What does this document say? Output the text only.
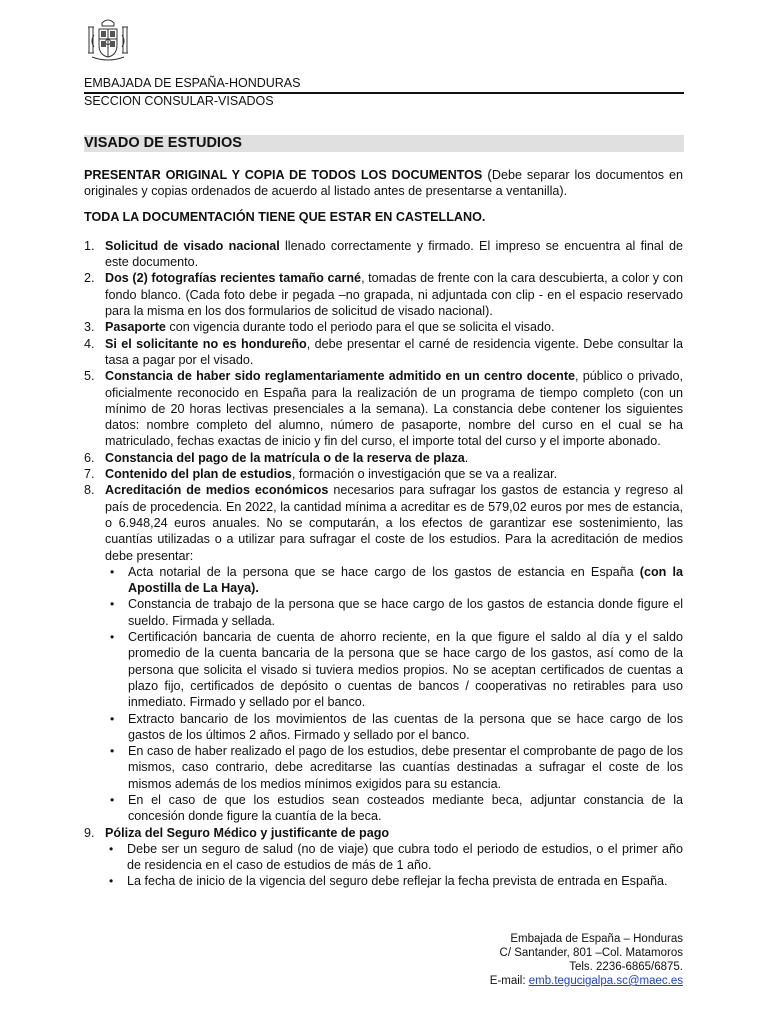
EMBAJADA DE ESPAÑA-HONDURAS
SECCION CONSULAR-VISADOS
VISADO DE ESTUDIOS

PRESENTAR ORIGINAL Y COPIA DE TODOS LOS DOCUMENTOS (Debe separar los documentos en originales y copias ordenados de acuerdo al listado antes de presentarse a ventanilla).

TODA LA DOCUMENTACIÓN TIENE QUE ESTAR EN CASTELLANO.

1. Solicitud de visado nacional llenado correctamente y firmado. El impreso se encuentra al final de este documento.
2. Dos (2) fotografías recientes tamaño carné, tomadas de frente con la cara descubierta, a color y con fondo blanco. (Cada foto debe ir pegada –no grapada, ni adjuntada con clip - en el espacio reservado para la misma en los dos formularios de solicitud de visado nacional).
3. Pasaporte con vigencia durante todo el periodo para el que se solicita el visado.
4. Si el solicitante no es hondureño, debe presentar el carné de residencia vigente. Debe consultar la tasa a pagar por el visado.
5. Constancia de haber sido reglamentariamente admitido en un centro docente, público o privado, oficialmente reconocido en España para la realización de un programa de tiempo completo (con un mínimo de 20 horas lectivas presenciales a la semana). La constancia debe contener los siguientes datos: nombre completo del alumno, número de pasaporte, nombre del curso en el cual se ha matriculado, fechas exactas de inicio y fin del curso, el importe total del curso y el importe abonado.
6. Constancia del pago de la matrícula o de la reserva de plaza.
7. Contenido del plan de estudios, formación o investigación que se va a realizar.
8. Acreditación de medios económicos necesarios para sufragar los gastos de estancia y regreso al país de procedencia. En 2022, la cantidad mínima a acreditar es de 579,02 euros por mes de estancia, o 6.948,24 euros anuales. No se computarán, a los efectos de garantizar ese sostenimiento, las cuantías utilizadas o a utilizar para sufragar el coste de los estudios. Para la acreditación de medios debe presentar:
• Acta notarial de la persona que se hace cargo de los gastos de estancia en España (con la Apostilla de La Haya).
• Constancia de trabajo de la persona que se hace cargo de los gastos de estancia donde figure el sueldo. Firmada y sellada.
• Certificación bancaria de cuenta de ahorro reciente, en la que figure el saldo al día y el saldo promedio de la cuenta bancaria de la persona que se hace cargo de los gastos, así como de la persona que solicita el visado si tuviera medios propios. No se aceptan certificados de cuentas a plazo fijo, certificados de depósito o cuentas de bancos / cooperativas no retirables para uso inmediato. Firmado y sellado por el banco.
• Extracto bancario de los movimientos de las cuentas de la persona que se hace cargo de los gastos de los últimos 2 años. Firmado y sellado por el banco.
• En caso de haber realizado el pago de los estudios, debe presentar el comprobante de pago de los mismos, caso contrario, debe acreditarse las cuantías destinadas a sufragar el coste de los mismos además de los medios mínimos exigidos para su estancia.
• En el caso de que los estudios sean costeados mediante beca, adjuntar constancia de la concesión donde figure la cuantía de la beca.
9. Póliza del Seguro Médico y justificante de pago
• Debe ser un seguro de salud (no de viaje) que cubra todo el periodo de estudios, o el primer año de residencia en el caso de estudios de más de 1 año.
• La fecha de inicio de la vigencia del seguro debe reflejar la fecha prevista de entrada en España.
Embajada de España – Honduras
C/ Santander, 801 –Col. Matamoros
Tels. 2236-6865/6875.
E-mail: emb.tegucigalpa.sc@maec.es
